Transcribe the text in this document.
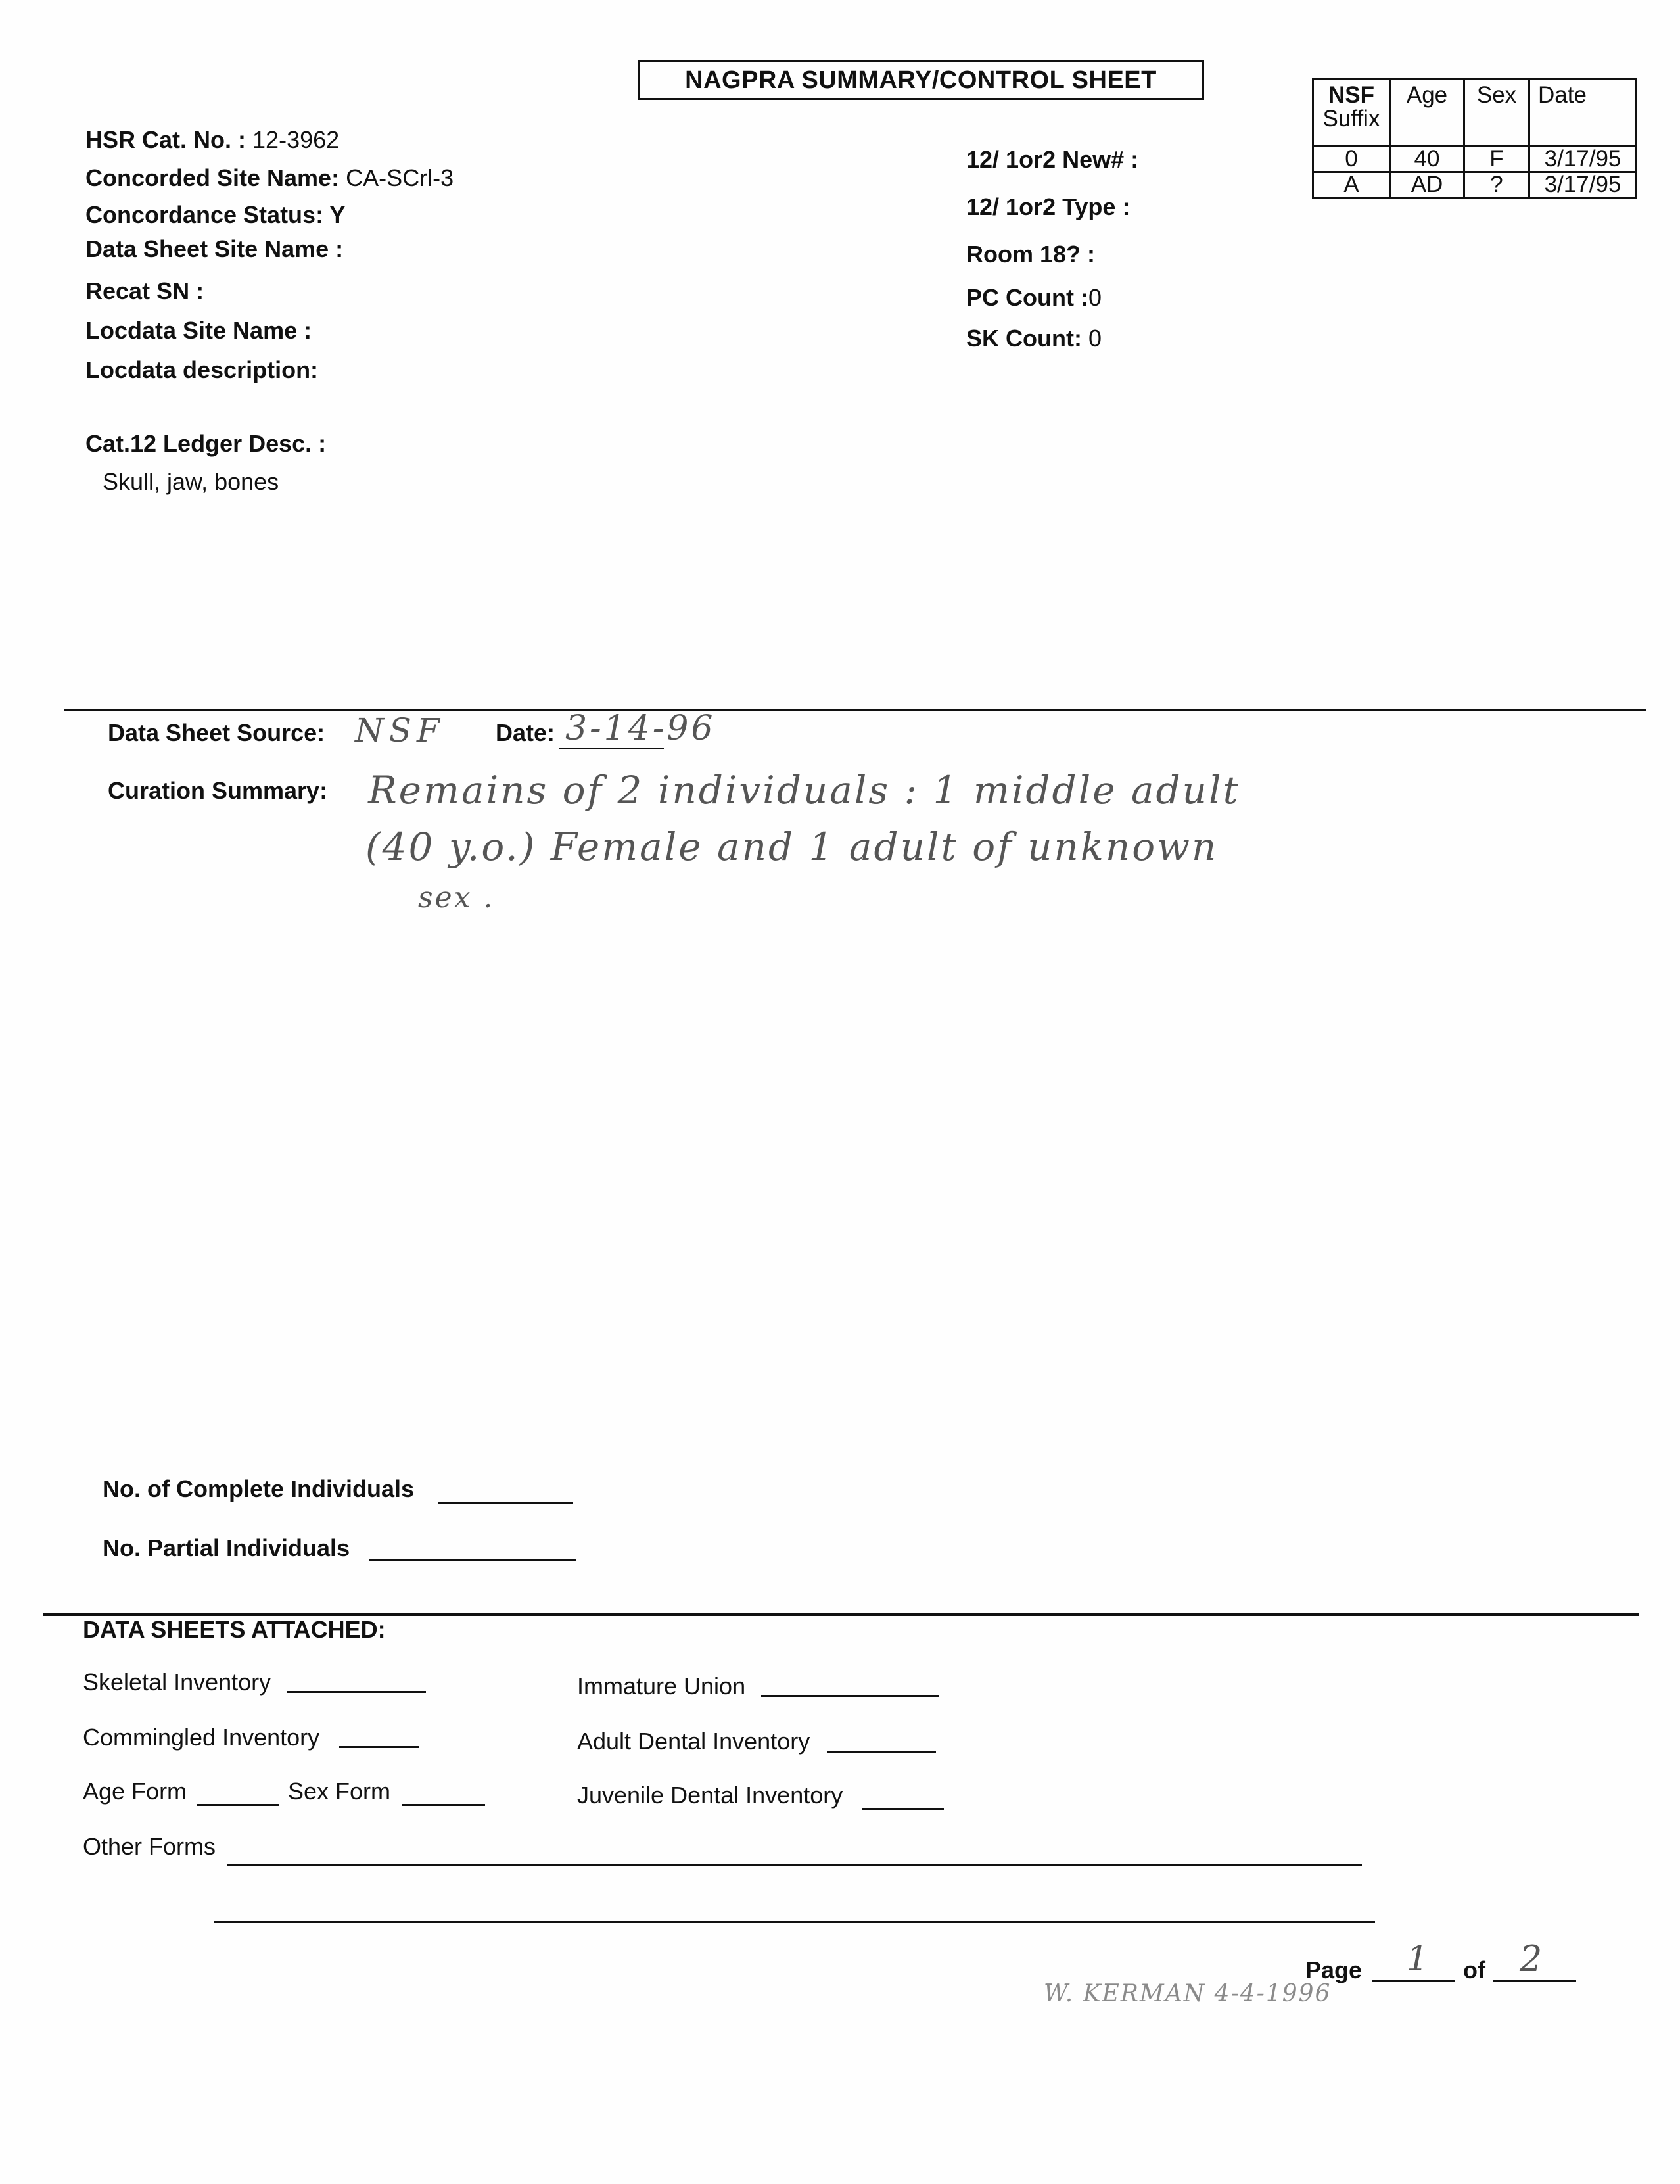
NAGPRA SUMMARY/CONTROL SHEET
HSR Cat. No. : 12-3962
Concorded Site Name: CA-SCrl-3
Concordance Status: Y
Data Sheet Site Name :
Recat SN :
Locdata Site Name :
Locdata description:
Cat.12 Ledger Desc. :
Skull, jaw, bones
12/ 1or2 New# :
12/ 1or2 Type :
Room 18? :
PC Count :0
SK Count: 0
NSF
Suffix	Age	Sex	Date
0	40	F	3/17/95
A	AD	?	3/17/95
Data Sheet Source: NSF Date: 3-14-96
Curation Summary: Remains of 2 individuals : 1 middle adult
(40 y.o.) Female and 1 adult of unknown
sex .
No. of Complete Individuals
No. Partial Individuals
DATA SHEETS ATTACHED:
Skeletal Inventory
Commingled Inventory
Age Form	Sex Form
Other Forms
Immature Union
Adult Dental Inventory
Juvenile Dental Inventory
Page 1 of 2
W. KERMAN 4-4-1996
